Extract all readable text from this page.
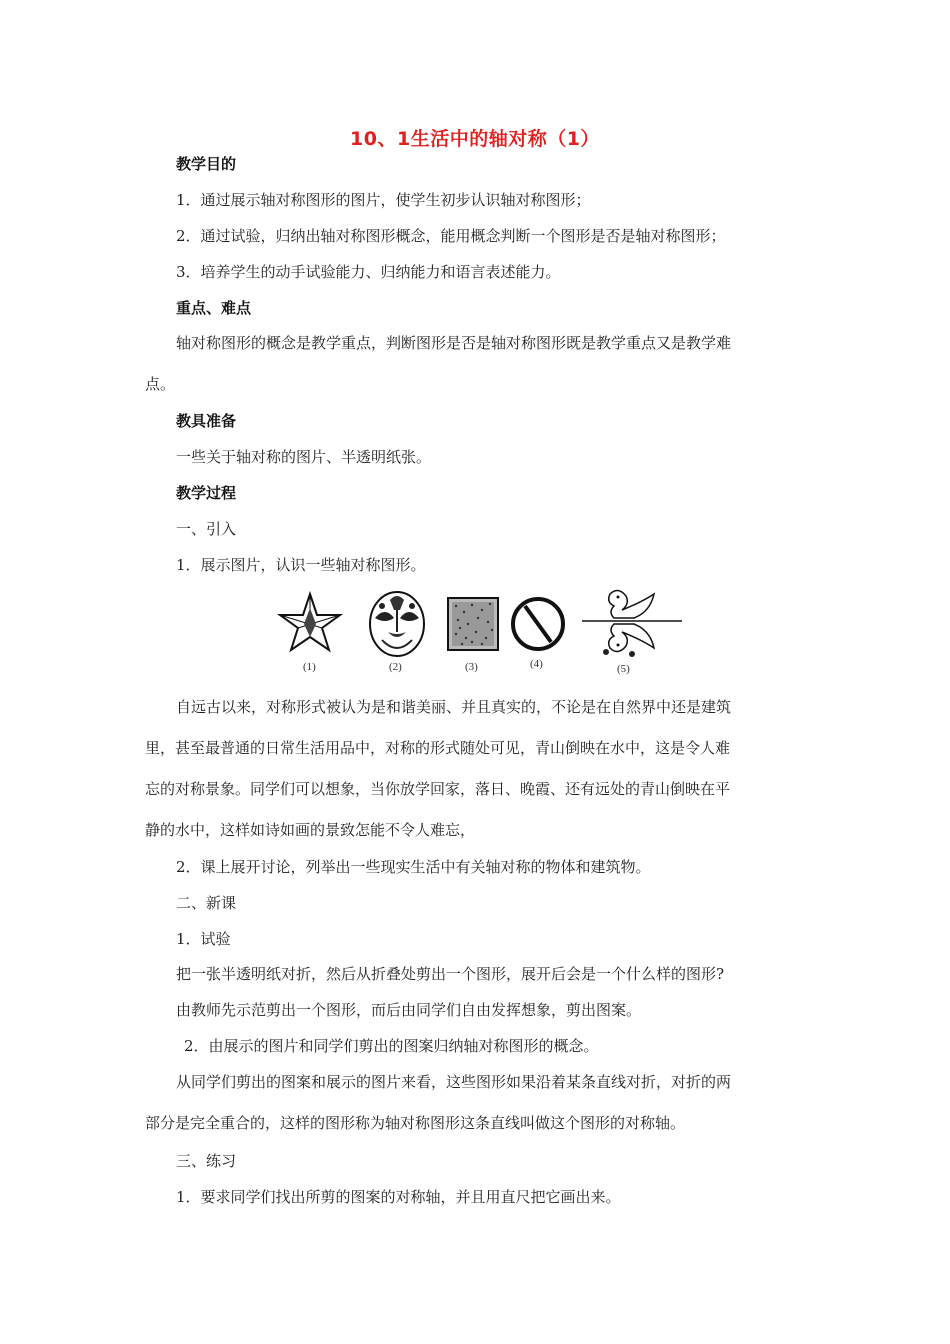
10、1生活中的轴对称（1）
教学目的
1．通过展示轴对称图形的图片，使学生初步认识轴对称图形；
2．通过试验，归纳出轴对称图形概念，能用概念判断一个图形是否是轴对称图形；
3．培养学生的动手试验能力、归纳能力和语言表述能力。
重点、难点
轴对称图形的概念是教学重点，判断图形是否是轴对称图形既是教学重点又是教学难
点。
教具准备
一些关于轴对称的图片、半透明纸张。
教学过程
一、引入
1．展示图片，认识一些轴对称图形。
(1)	(2)	(3)	(4)	(5)
自远古以来，对称形式被认为是和谐美丽、并且真实的，不论是在自然界中还是建筑
里，甚至最普通的日常生活用品中，对称的形式随处可见，青山倒映在水中，这是令人难
忘的对称景象。同学们可以想象，当你放学回家，落日、晚霞、还有远处的青山倒映在平
静的水中，这样如诗如画的景致怎能不令人难忘，
2．课上展开讨论，列举出一些现实生活中有关轴对称的物体和建筑物。
二、新课
1．试验
把一张半透明纸对折，然后从折叠处剪出一个图形，展开后会是一个什么样的图形?
由教师先示范剪出一个图形，而后由同学们自由发挥想象，剪出图案。
2．由展示的图片和同学们剪出的图案归纳轴对称图形的概念。
从同学们剪出的图案和展示的图片来看，这些图形如果沿着某条直线对折，对折的两
部分是完全重合的，这样的图形称为轴对称图形这条直线叫做这个图形的对称轴。
三、练习
1．要求同学们找出所剪的图案的对称轴，并且用直尺把它画出来。
